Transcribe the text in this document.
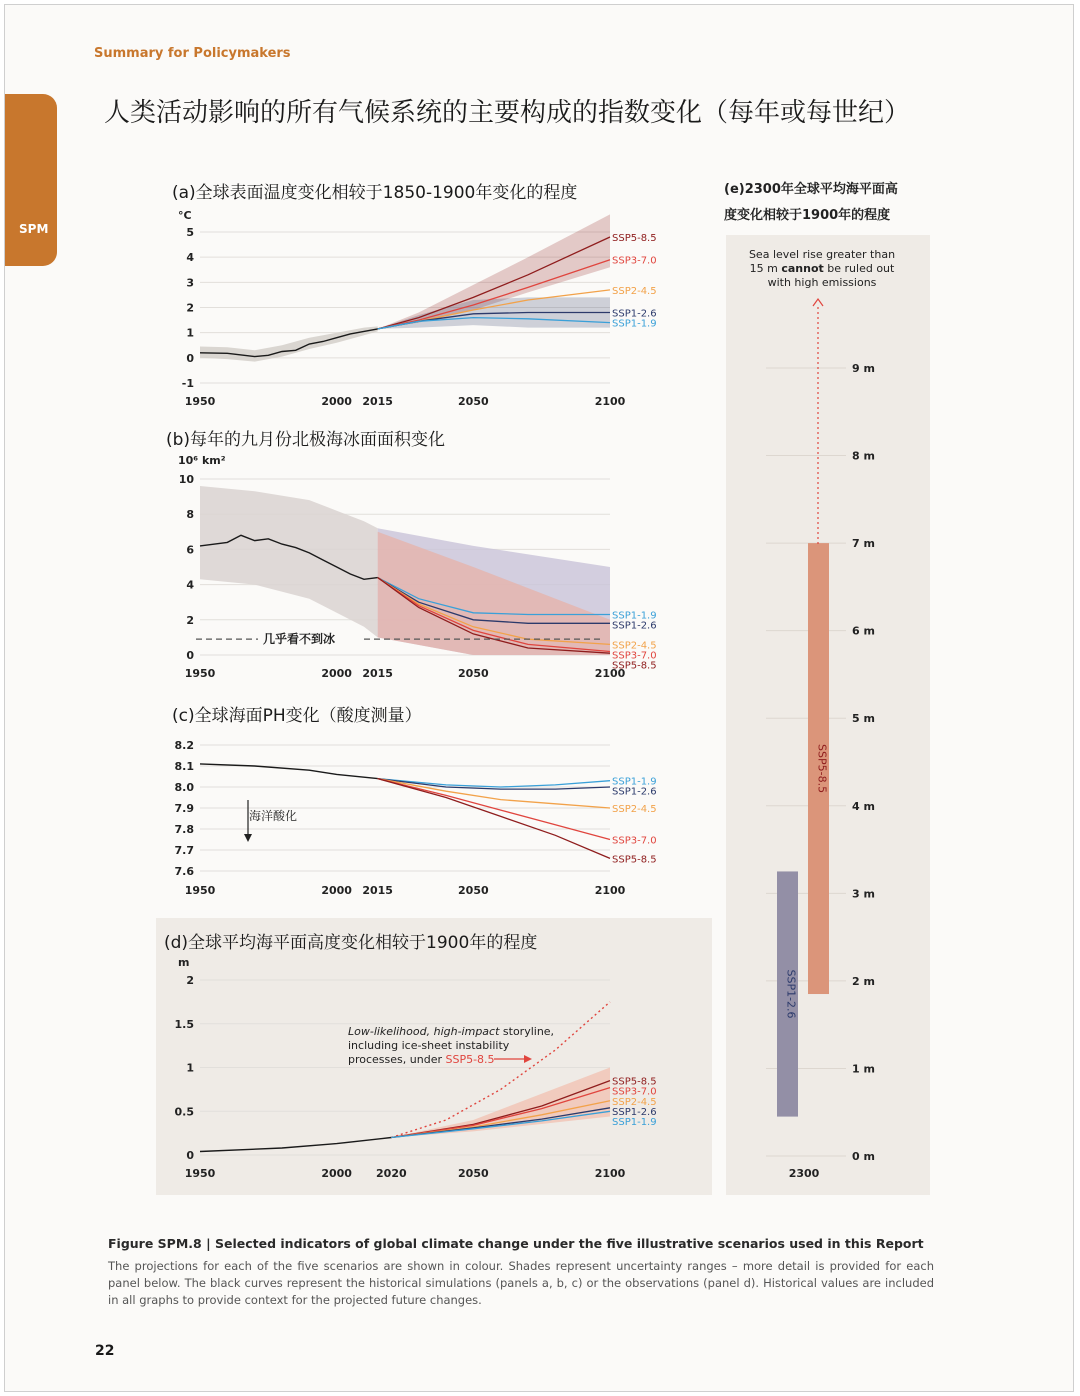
Summary for Policymakers
SPM
人类活动影响的所有气候系统的主要构成的指数变化（每年或每世纪）
(a)全球表面温度变化相较于1850-1900年变化的程度
°C
-1
0
1
2
3
4
5
1950	2000 2015	2050	2100
SSP5-8.5
SSP3-7.0
SSP2-4.5
SSP1-2.6
SSP1-1.9
(b)每年的九月份北极海冰面面积变化
10⁶ km²
0
2
4
6
8
10
1950	2000 2015	2050	2100
SSP1-1.9
SSP1-2.6
SSP2-4.5
SSP3-7.0
SSP5-8.5
几乎看不到冰
(c)全球海面PH变化（酸度测量）
7.6
7.7
7.8
7.9
8.0
8.1
8.2
1950	2000 2015	2050	2100
SSP1-1.9
SSP1-2.6
SSP2-4.5
SSP3-7.0
SSP5-8.5
海洋酸化
(d)全球平均海平面高度变化相较于1900年的程度
m
0
0.5
1
1.5
2
1950	2000 2020	2050	2100
SSP5-8.5
SSP3-7.0
SSP2-4.5
SSP1-2.6
SSP1-1.9
Low-likelihood, high-impact storyline,
including ice-sheet instability
processes, under SSP5-8.5
(e)2300年全球平均海平面高
度变化相较于1900年的程度
0 m
1 m
2 m
3 m
4 m
5 m
6 m
7 m
8 m
9 m
2300
SSP1-2.6
SSP5-8.5
Sea level rise greater than
15 m cannot be ruled out
with high emissions
Figure SPM.8 | Selected indicators of global climate change under the five illustrative scenarios used in this Report
The projections for each of the five scenarios are shown in colour. Shades represent uncertainty ranges – more detail is provided for each panel below. The black curves represent the historical simulations (panels a, b, c) or the observations (panel d). Historical values are included in all graphs to provide context for the projected future changes.
22
